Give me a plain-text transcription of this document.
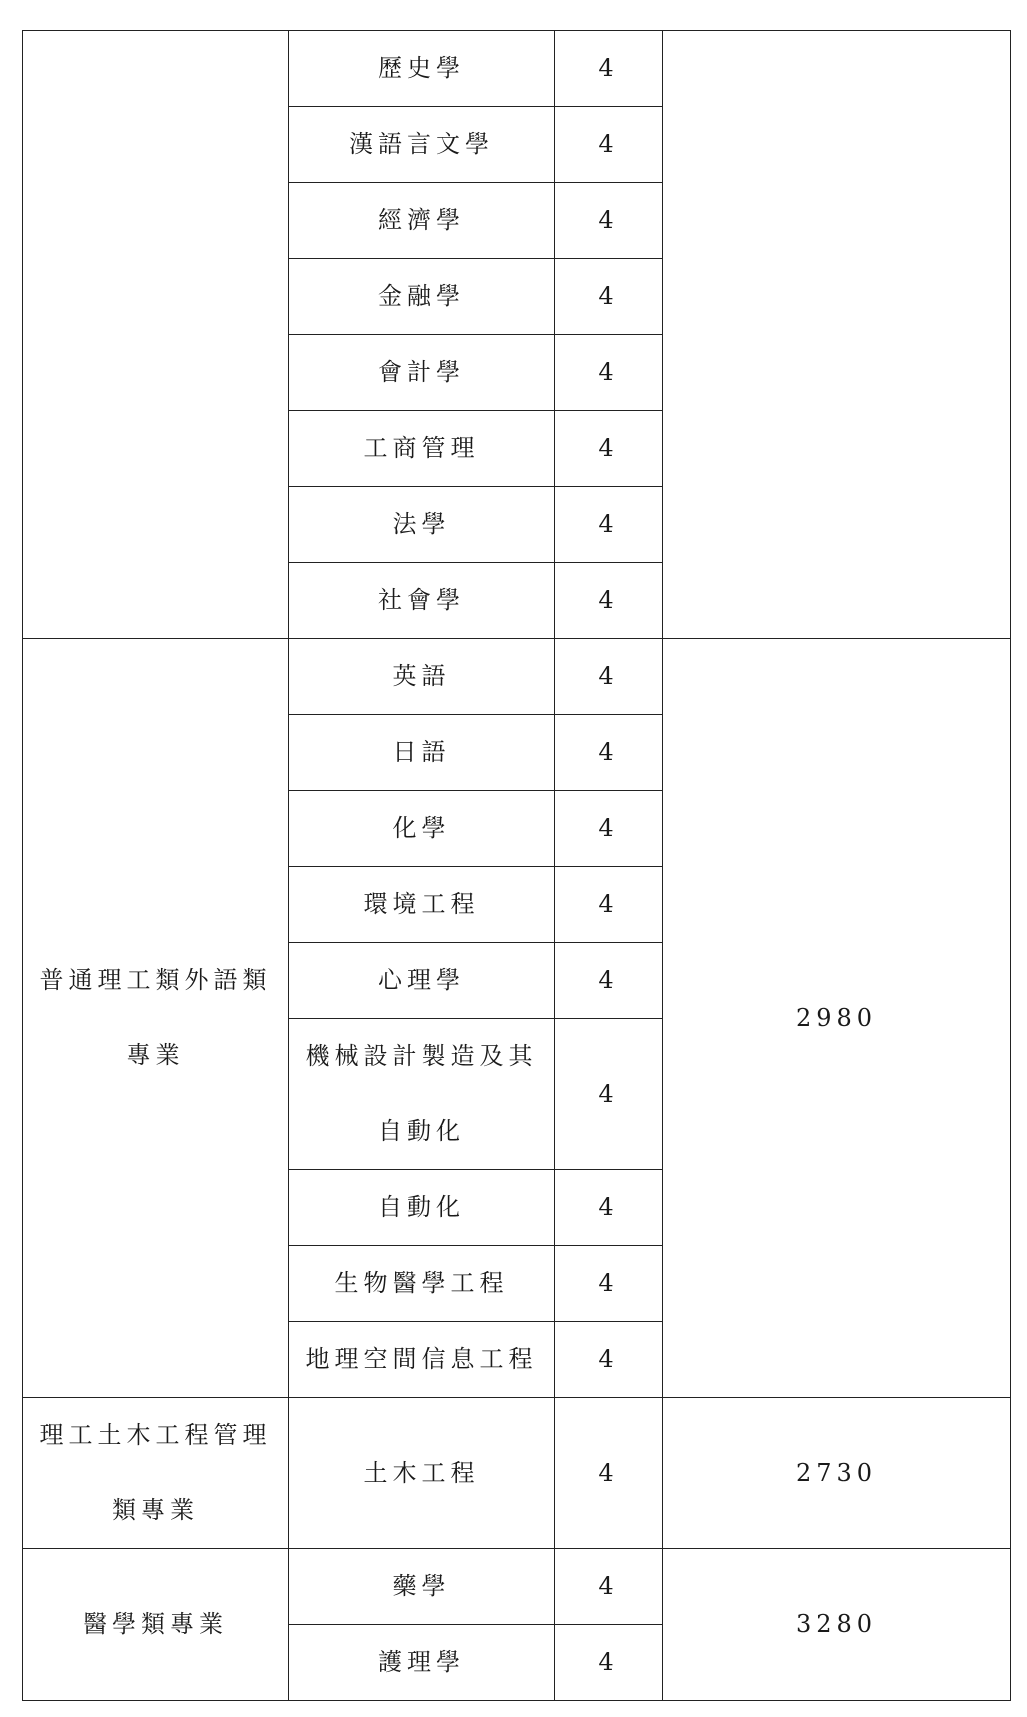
	歷史學	4	
	漢語言文學	4	
	經濟學	4	
	金融學	4	
	會計學	4	
	工商管理	4	
	法學	4	
	社會學	4	

普通理工類外語類專業	英語	4	2980
	日語	4	
	化學	4	
	環境工程	4	
	心理學	4	

	機械設計製造及其自動化	4	
	自動化	4	
	生物醫學工程	4	
	地理空間信息工程	4	

理工土木工程管理類專業	土木工程	4	2730
醫學類專業	藥學	4	3280
	護理學	4	
